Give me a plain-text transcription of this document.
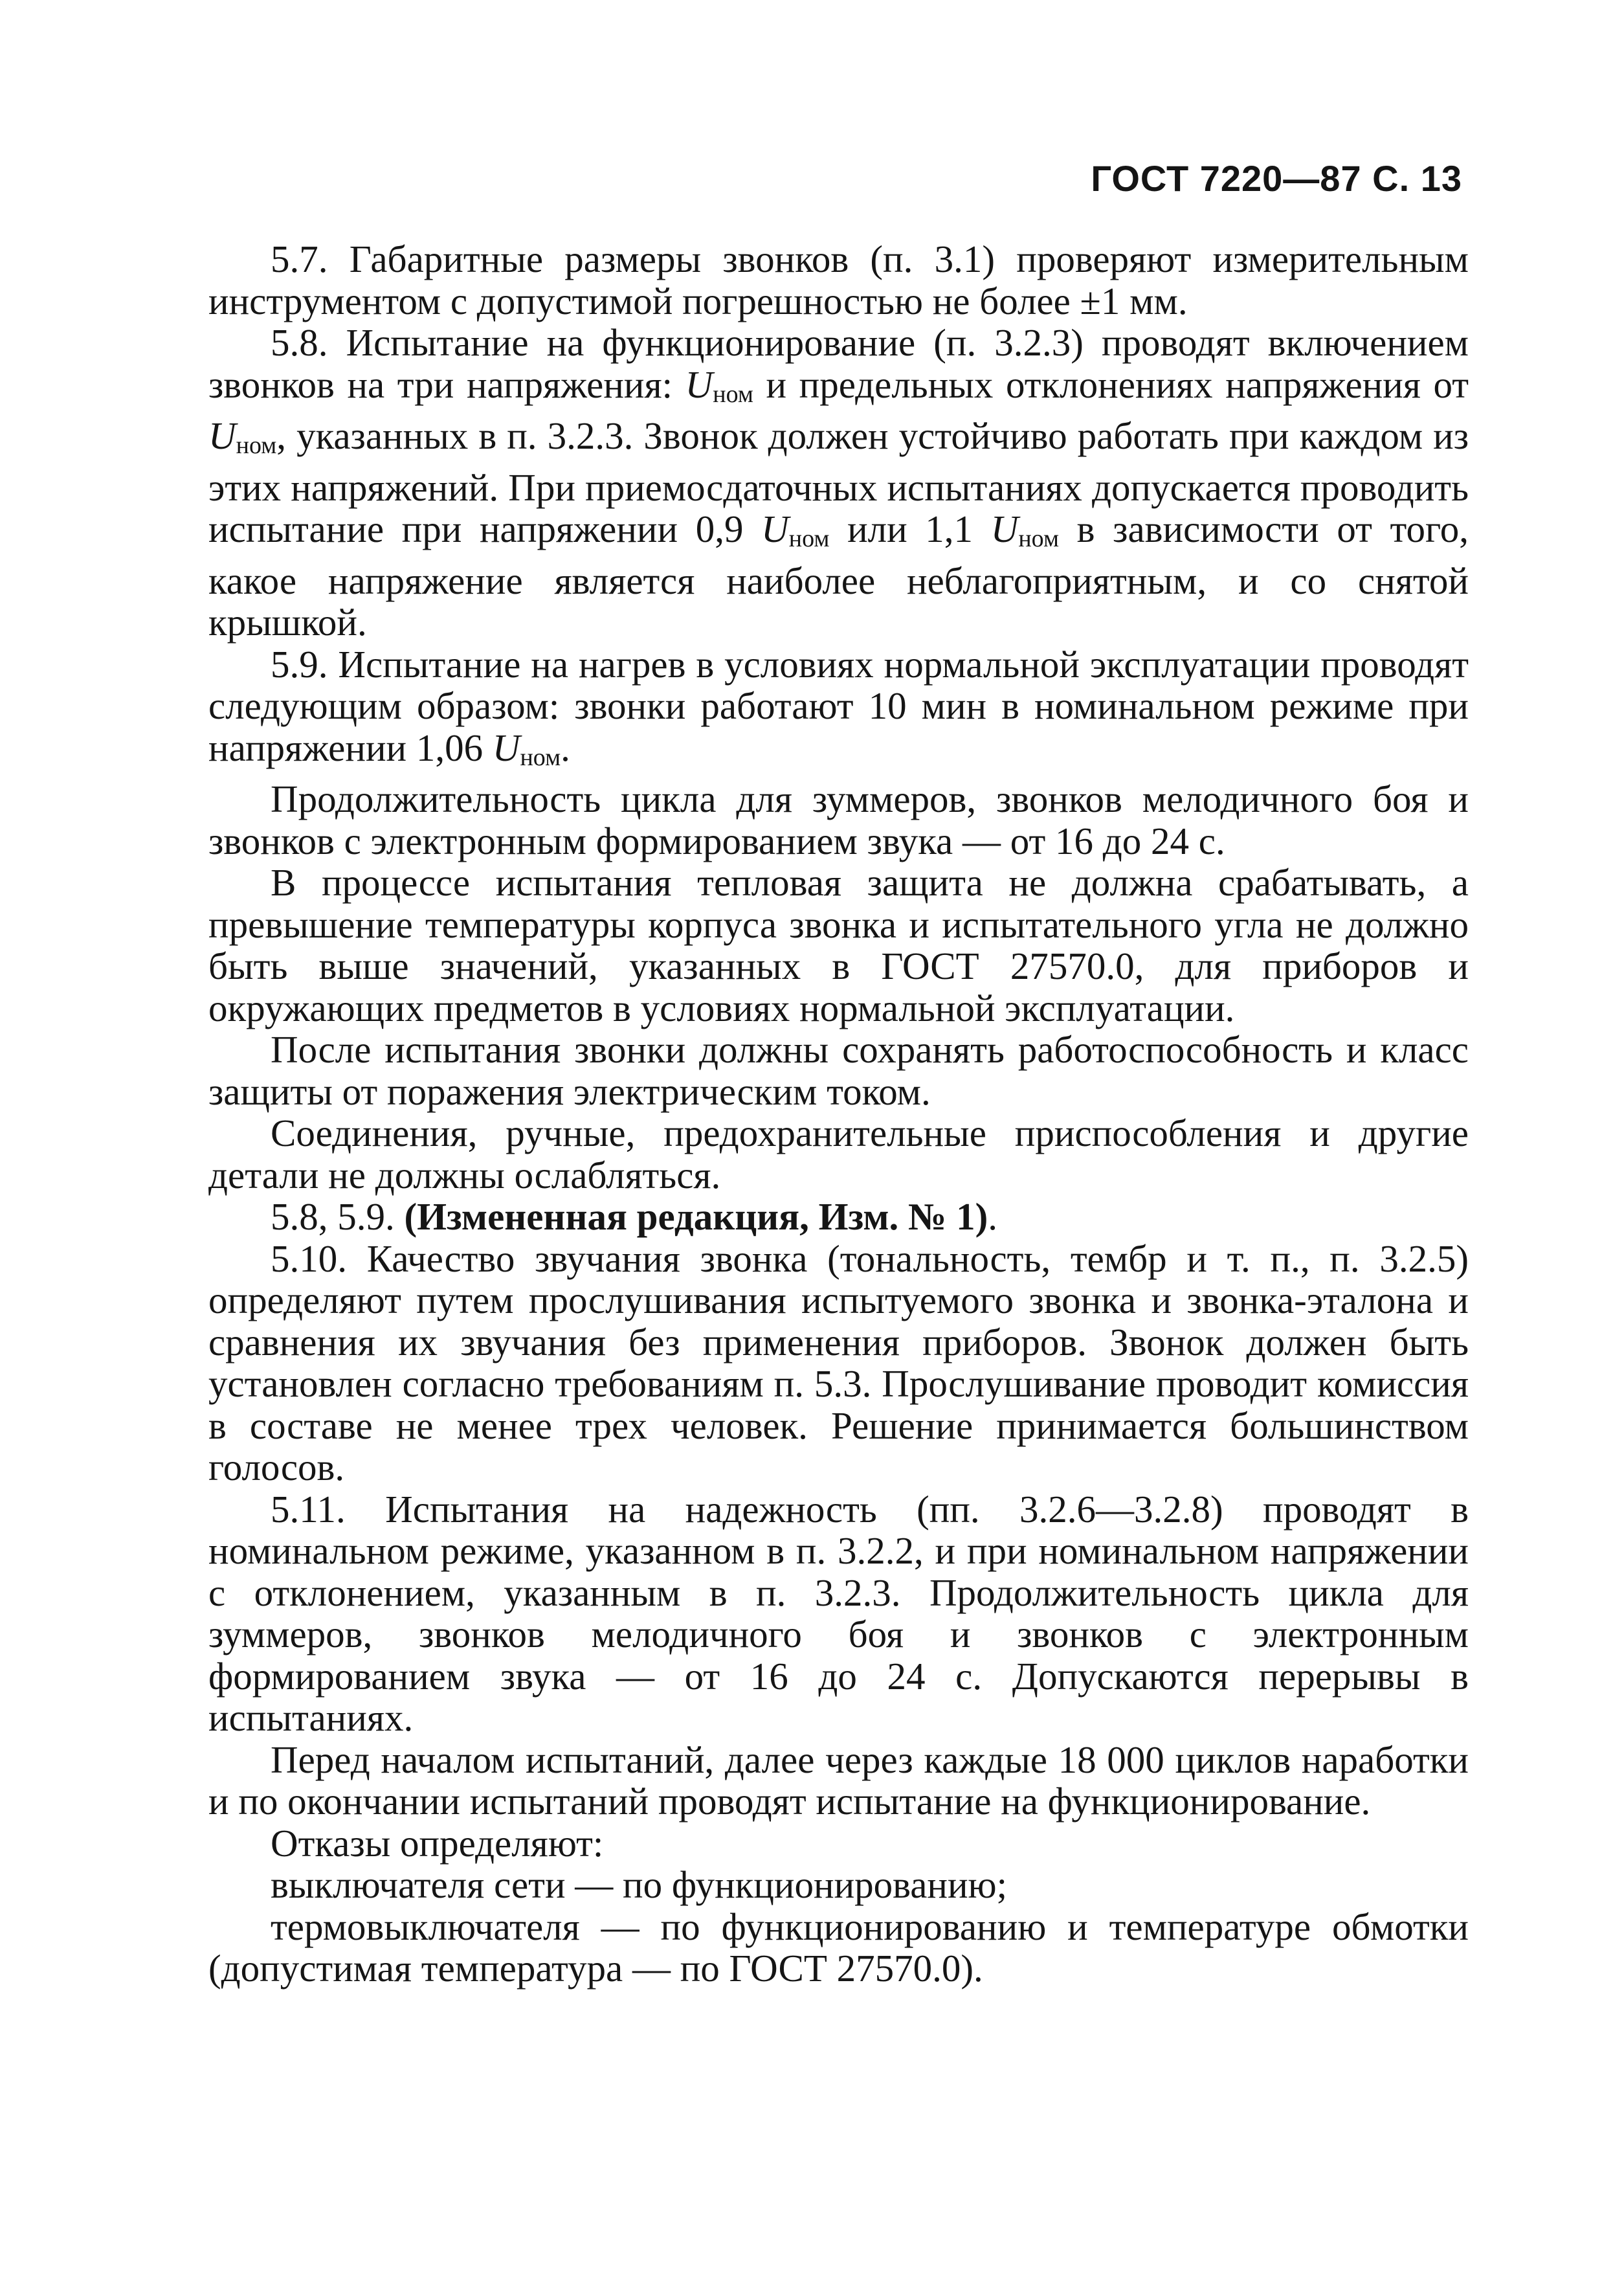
ГОСТ 7220—87 С. 13

5.7. Габаритные размеры звонков (п. 3.1) проверяют измерительным инструментом с допустимой погрешностью не более ±1 мм.

5.8. Испытание на функционирование (п. 3.2.3) проводят включением звонков на три напряжения: Uном и предельных отклонениях напряжения от Uном, указанных в п. 3.2.3. Звонок должен устойчиво работать при каждом из этих напряжений. При приемосдаточных испытаниях допускается проводить испытание при напряжении 0,9 Uном или 1,1 Uном в зависимости от того, какое напряжение является наиболее неблагоприятным, и со снятой крышкой.

5.9. Испытание на нагрев в условиях нормальной эксплуатации проводят следующим образом: звонки работают 10 мин в номинальном режиме при напряжении 1,06 Uном.

Продолжительность цикла для зуммеров, звонков мелодичного боя и звонков с электронным формированием звука — от 16 до 24 с.

В процессе испытания тепловая защита не должна срабатывать, а превышение температуры корпуса звонка и испытательного угла не должно быть выше значений, указанных в ГОСТ 27570.0, для приборов и окружающих предметов в условиях нормальной эксплуатации.

После испытания звонки должны сохранять работоспособность и класс защиты от поражения электрическим током.

Соединения, ручные, предохранительные приспособления и другие детали не должны ослабляться.

5.8, 5.9. (Измененная редакция, Изм. № 1).

5.10. Качество звучания звонка (тональность, тембр и т. п., п. 3.2.5) определяют путем прослушивания испытуемого звонка и звонка-эталона и сравнения их звучания без применения приборов. Звонок должен быть установлен согласно требованиям п. 5.3. Прослушивание проводит комиссия в составе не менее трех человек. Решение принимается большинством голосов.

5.11. Испытания на надежность (пп. 3.2.6—3.2.8) проводят в номинальном режиме, указанном в п. 3.2.2, и при номинальном напряжении с отклонением, указанным в п. 3.2.3. Продолжительность цикла для зуммеров, звонков мелодичного боя и звонков с электронным формированием звука — от 16 до 24 с. Допускаются перерывы в испытаниях.

Перед началом испытаний, далее через каждые 18 000 циклов наработки и по окончании испытаний проводят испытание на функционирование.

Отказы определяют:

выключателя сети — по функционированию;

термовыключателя — по функционированию и температуре обмотки (допустимая температура — по ГОСТ 27570.0).
